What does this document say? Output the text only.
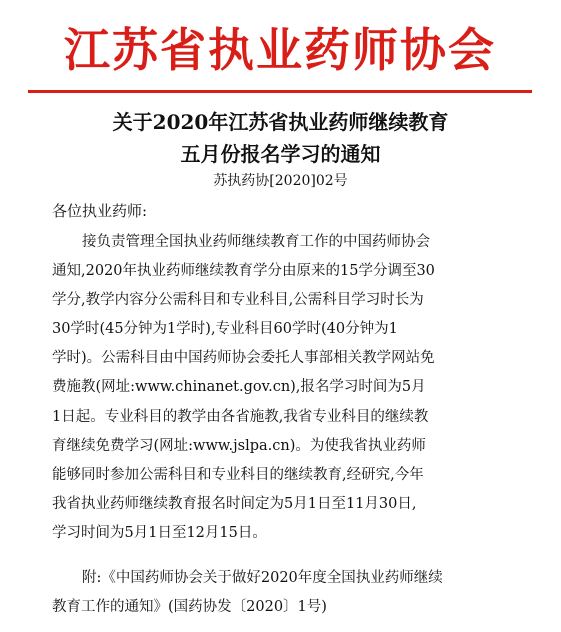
江苏省执业药师协会
关于2020年江苏省执业药师继续教育
五月份报名学习的通知
苏执药协[2020]02号
各位执业药师:
接负责管理全国执业药师继续教育工作的中国药师协会
通知,2020年执业药师继续教育学分由原来的15学分调至30
学分,教学内容分公需科目和专业科目,公需科目学习时长为
30学时(45分钟为1学时),专业科目60学时(40分钟为1
学时)。公需科目由中国药师协会委托人事部相关教学网站免
费施教(网址:www.chinanet.gov.cn),报名学习时间为5月
1日起。专业科目的教学由各省施教,我省专业科目的继续教
育继续免费学习(网址:www.jslpa.cn)。为使我省执业药师
能够同时参加公需科目和专业科目的继续教育,经研究,今年
我省执业药师继续教育报名时间定为5月1日至11月30日,
学习时间为5月1日至12月15日。
附:《中国药师协会关于做好2020年度全国执业药师继续
教育工作的通知》(国药协发〔2020〕1号)
